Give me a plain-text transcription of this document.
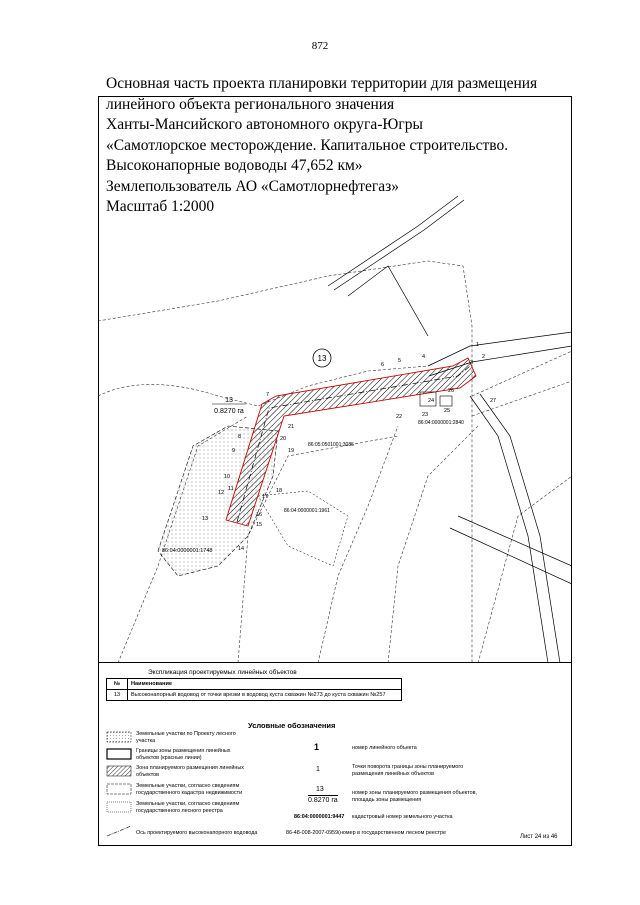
872
13
13
0.8270 га
86:04:0000001:1748
86:04:0000001:2840
86:05:0501001:3085
86:04:0000001:1961
1
2
3
4
5
6
7
8
9
10
11
12
13
14
15
16
17
18
19
20
21
22	23
24
25
26
27
Основная часть проекта планировки территории для размещения
линейного объекта регионального значения
Ханты-Мансийского автономного округа-Югры
«Самотлорское месторождение. Капитальное строительство.
Высоконапорные водоводы 47,652 км»
Землепользователь АО «Самотлорнефтегаз»
Масштаб 1:2000
Экспликация проектируемых линейных объектов
№	Наименование
13	Высоконапорный водовод от точки врезки в водовод куста скважин №273 до куста скважин №257
Условные обозначения
Земельные участки по Проекту лесного участка
Границы зоны размещения линейных объектов (красные линии)
Зона планируемого размещения линейных объектов
Земельные участки, согласно сведениям государственного кадастра недвижимости
Земельные участки, согласно сведениям государственного лесного реестра
Ось проектируемого высоконапорного водовода
1	номер линейного объекта
1	Точки поворота границы зоны планируемого размещения линейных объектов
13
0.8270 га
номер зоны планируемого размещения объектов, площадь зоны размещения
86:04:0000001:9447 кадастровый номер земельного участка
86-48-008-2007-0959(номер в государственном лесном реестре
Лист 24 из 46
